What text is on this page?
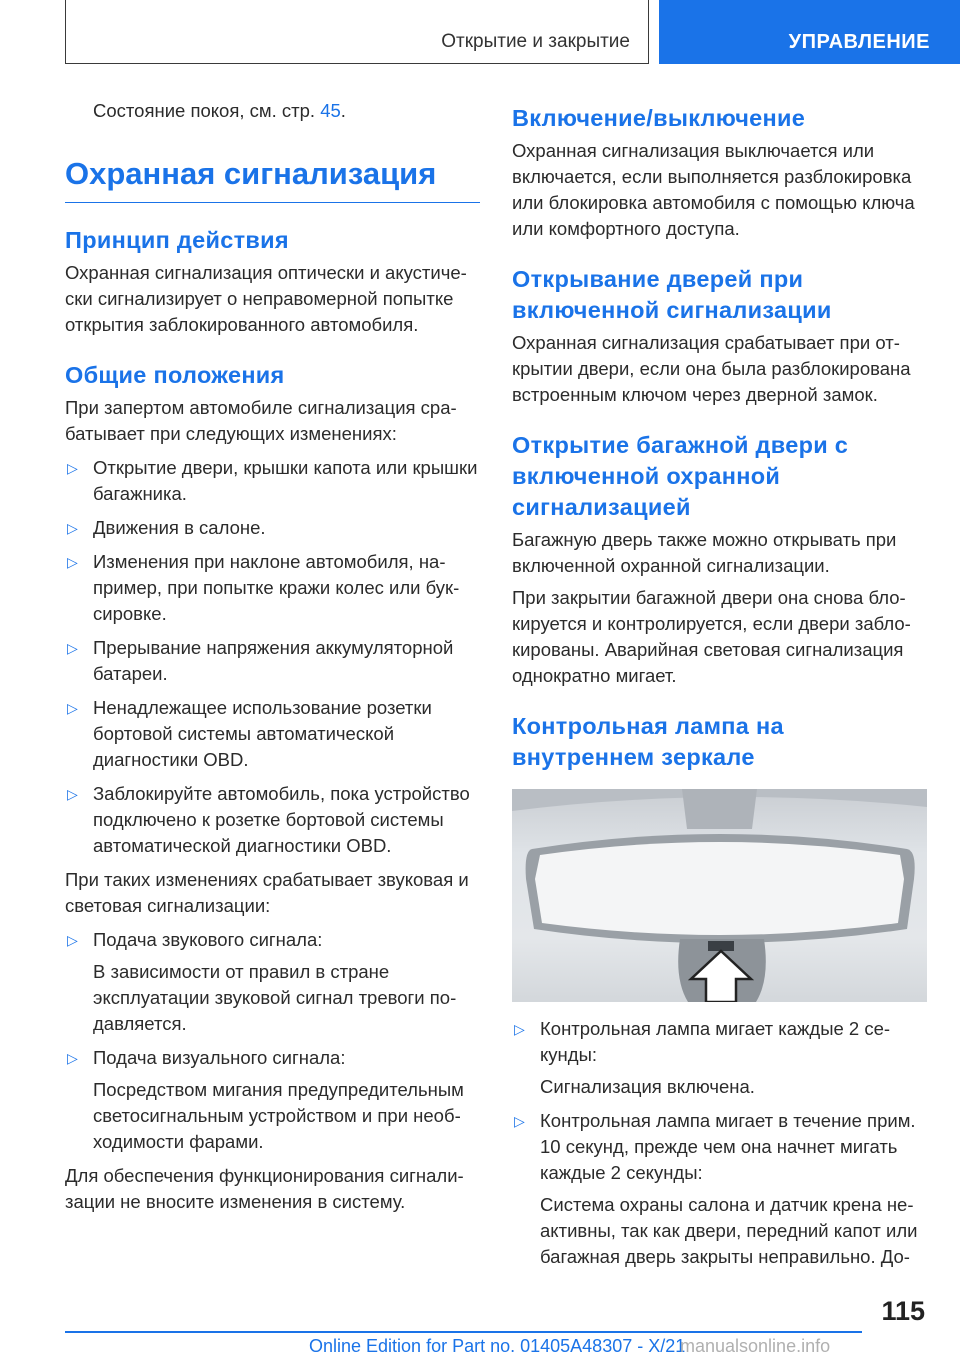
Открытие и закрытие	УПРАВЛЕНИЕ

Состояние покоя, см. стр. 45.

Охранная сигнализация
Принцип действия

Охранная сигнализация оптически и акустически сигнализирует о неправомерной попытке открытия заблокированного автомобиля.

Общие положения

При запертом автомобиле сигнализация срабатывает при следующих изменениях:

▷ Открытие двери, крышки капота или крышки багажника.

▷ Движения в салоне.

▷ Изменения при наклоне автомобиля, например, при попытке кражи колес или буксировке.

▷ Прерывание напряжения аккумуляторной батареи.

▷ Ненадлежащее использование розетки бортовой системы автоматической диагностики OBD.

▷ Заблокируйте автомобиль, пока устройство подключено к розетке бортовой системы автоматической диагностики OBD.

При таких изменениях срабатывает звуковая и световая сигнализации:

▷ Подача звукового сигнала:

В зависимости от правил в стране эксплуатации звуковой сигнал тревоги подавляется.

▷ Подача визуального сигнала:

Посредством мигания предупредительным светосигнальным устройством и при необходимости фарами.

Для обеспечения функционирования сигнализации не вносите изменения в систему.

Включение/выключение

Охранная сигнализация выключается или включается, если выполняется разблокировка или блокировка автомобиля с помощью ключа или комфортного доступа.

Открывание дверей при включенной сигнализации

Охранная сигнализация срабатывает при открытии двери, если она была разблокирована встроенным ключом через дверной замок.

Открытие багажной двери с включенной охранной сигнализацией

Багажную дверь также можно открывать при включенной охранной сигнализации.

При закрытии багажной двери она снова блокируется и контролируется, если двери заблокированы. Аварийная световая сигнализация однократно мигает.

Контрольная лампа на внутреннем зеркале
▷ Контрольная лампа мигает каждые 2 секунды:

Сигнализация включена.

▷ Контрольная лампа мигает в течение прим. 10 секунд, прежде чем она начнет мигать каждые 2 секунды:

Система охраны салона и датчик крена неактивны, так как двери, передний капот или багажная дверь закрыты неправильно. До-

115
Online Edition for Part no. 01405A48307 - X/21
manualsonline.info
